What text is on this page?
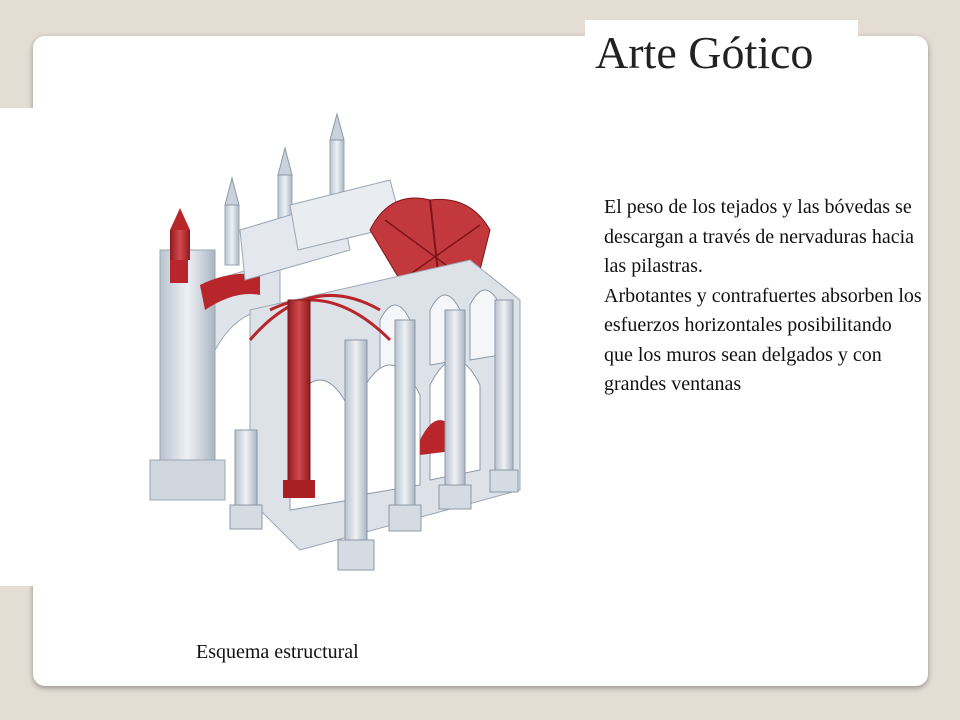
Arte Gótico

El peso de los tejados y las bóvedas se descargan a través de nervaduras hacia las pilastras.

Arbotantes y contrafuertes absorben los esfuerzos horizontales posibilitando que los muros sean delgados y con grandes ventanas

Esquema estructural
